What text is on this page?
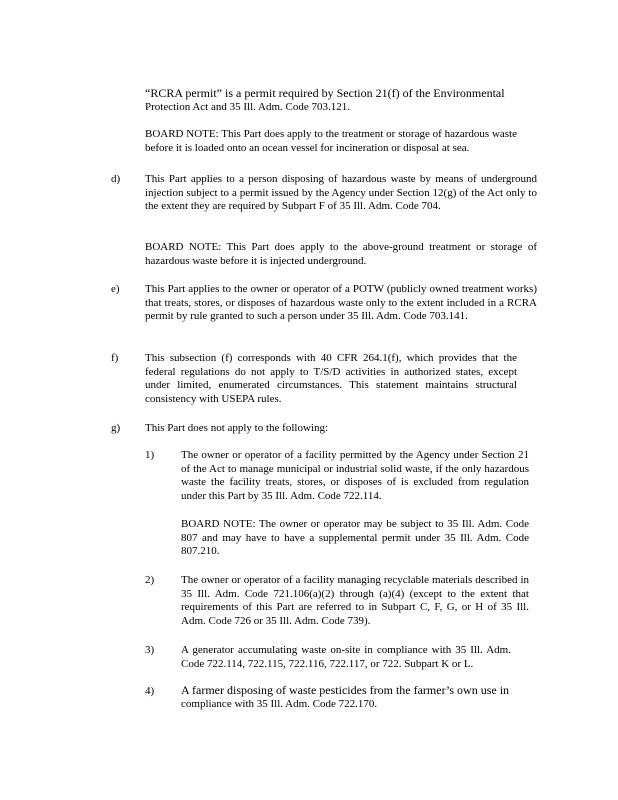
“RCRA permit” is a permit required by Section 21(f) of the Environmental

Protection Act and 35 Ill. Adm. Code 703.121.

BOARD NOTE: This Part does apply to the treatment or storage of hazardous waste before it is loaded onto an ocean vessel for incineration or disposal at sea.

d) This Part applies to a person disposing of hazardous waste by means of underground injection subject to a permit issued by the Agency under Section 12(g) of the Act only to the extent they are required by Subpart F of 35 Ill. Adm. Code 704.

BOARD NOTE: This Part does apply to the above-ground treatment or storage of hazardous waste before it is injected underground.

e) This Part applies to the owner or operator of a POTW (publicly owned treatment works) that treats, stores, or disposes of hazardous waste only to the extent included in a RCRA permit by rule granted to such a person under 35 Ill. Adm. Code 703.141.

f) This subsection (f) corresponds with 40 CFR 264.1(f), which provides that the federal regulations do not apply to T/S/D activities in authorized states, except under limited, enumerated circumstances. This statement maintains structural consistency with USEPA rules.

g) This Part does not apply to the following:

1) The owner or operator of a facility permitted by the Agency under Section 21 of the Act to manage municipal or industrial solid waste, if the only hazardous waste the facility treats, stores, or disposes of is excluded from regulation under this Part by 35 Ill. Adm. Code 722.114.

BOARD NOTE: The owner or operator may be subject to 35 Ill. Adm. Code 807 and may have to have a supplemental permit under 35 Ill. Adm. Code 807.210.

2) The owner or operator of a facility managing recyclable materials described in 35 Ill. Adm. Code 721.106(a)(2) through (a)(4) (except to the extent that requirements of this Part are referred to in Subpart C, F, G, or H of 35 Ill. Adm. Code 726 or 35 Ill. Adm. Code 739).

3) A generator accumulating waste on-site in compliance with 35 Ill. Adm. Code 722.114, 722.115, 722.116, 722.117, or 722. Subpart K or L.

4) A farmer disposing of waste pesticides from the farmer’s own use in

compliance with 35 Ill. Adm. Code 722.170.
